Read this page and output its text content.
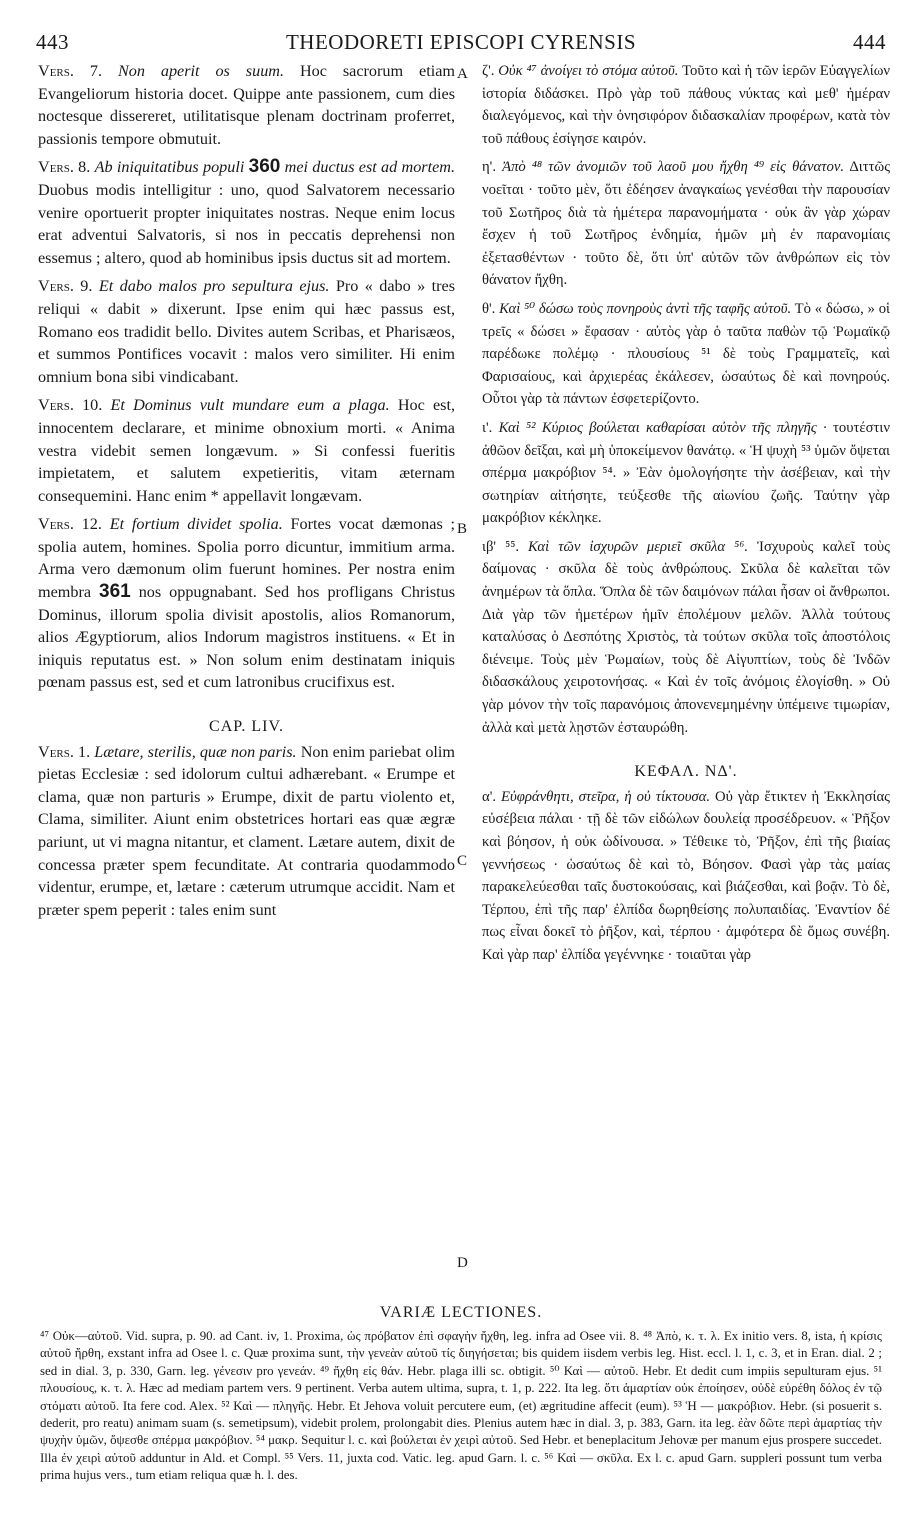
443	THEODORETI EPISCOPI CYRENSIS	444
A
B
C
D

Vers. 7. Non aperit os suum. Hoc sacrorum etiam Evangeliorum historia docet. Quippe ante passionem, cum dies noctesque dissereret, utilitatisque plenam doctrinam proferret, passionis tempore obmutuit.

Vers. 8. Ab iniquitatibus populi 360 mei ductus est ad mortem. Duobus modis intelligitur : uno, quod Salvatorem necessario venire oportuerit propter iniquitates nostras. Neque enim locus erat adventui Salvatoris, si nos in peccatis deprehensi non essemus ; altero, quod ab hominibus ipsis ductus sit ad mortem.

Vers. 9. Et dabo malos pro sepultura ejus. Pro « dabo » tres reliqui « dabit » dixerunt. Ipse enim qui hæc passus est, Romano eos tradidit bello. Divites autem Scribas, et Pharisæos, et summos Pontifices vocavit : malos vero similiter. Hi enim omnium bona sibi vindicabant.

Vers. 10. Et Dominus vult mundare eum a plaga. Hoc est, innocentem declarare, et minime obnoxium morti. « Anima vestra videbit semen longævum. » Si confessi fueritis impietatem, et salutem expetieritis, vitam æternam consequemini. Hanc enim * appellavit longævam.

Vers. 12. Et fortium dividet spolia. Fortes vocat dæmonas ; spolia autem, homines. Spolia porro dicuntur, immitium arma. Arma vero dæmonum olim fuerunt homines. Per nostra enim membra 361 nos oppugnabant. Sed hos profligans Christus Dominus, illorum spolia divisit apostolis, alios Romanorum, alios Ægyptiorum, alios Indorum magistros instituens. « Et in iniquis reputatus est. » Non solum enim destinatam iniquis pœnam passus est, sed et cum latronibus crucifixus est.

CAP. LIV.

Vers. 1. Lætare, sterilis, quæ non paris. Non enim pariebat olim pietas Ecclesiæ : sed idolorum cultui adhærebant. « Erumpe et clama, quæ non parturis » Erumpe, dixit de partu violento et, Clama, similiter. Aiunt enim obstetrices hortari eas quæ ægræ pariunt, ut vi magna nitantur, et clament. Lætare autem, dixit de concessa præter spem fecunditate. At contraria quodammodo videntur, erumpe, et, lætare : cæterum utrumque accidit. Nam et præter spem peperit : tales enim sunt

ζ'. Οὐκ ⁴⁷ ἀνοίγει τὸ στόμα αὐτοῦ. Τοῦτο καὶ ἡ τῶν ἱερῶν Εὐαγγελίων ἱστορία διδάσκει. Πρὸ γὰρ τοῦ πάθους νύκτας καὶ μεθ' ἡμέραν διαλεγόμενος, καὶ τὴν ὀνησιφόρον διδασκαλίαν προφέρων, κατὰ τὸν τοῦ πάθους ἐσίγησε καιρόν.

η'. Ἀπὸ ⁴⁸ τῶν ἀνομιῶν τοῦ λαοῦ μου ἤχθη ⁴⁹ εἰς θάνατον. Διττῶς νοεῖται · τοῦτο μὲν, ὅτι ἐδέησεν ἀναγκαίως γενέσθαι τὴν παρουσίαν τοῦ Σωτῆρος διὰ τὰ ἡμέτερα παρανομήματα · οὐκ ἂν γὰρ χώραν ἔσχεν ἡ τοῦ Σωτῆρος ἐνδημία, ἡμῶν μὴ ἐν παρανομίαις ἐξετασθέντων · τοῦτο δὲ, ὅτι ὑπ' αὐτῶν τῶν ἀνθρώπων εἰς τὸν θάνατον ἤχθη.

θ'. Καὶ ⁵⁰ δώσω τοὺς πονηροὺς ἀντὶ τῆς ταφῆς αὐτοῦ. Τὸ « δώσω, » οἱ τρεῖς « δώσει » ἔφασαν · αὐτὸς γὰρ ὁ ταῦτα παθὼν τῷ Ῥωμαϊκῷ παρέδωκε πολέμῳ · πλουσίους ⁵¹ δὲ τοὺς Γραμματεῖς, καὶ Φαρισαίους, καὶ ἀρχιερέας ἐκάλεσεν, ὡσαύτως δὲ καὶ πονηρούς. Οὗτοι γὰρ τὰ πάντων ἐσφετερίζοντο.

ι'. Καὶ ⁵² Κύριος βούλεται καθαρίσαι αὐτὸν τῆς πληγῆς · τουτέστιν ἀθῶον δεῖξαι, καὶ μὴ ὑποκείμενον θανάτῳ. « Ἡ ψυχὴ ⁵³ ὑμῶν ὄψεται σπέρμα μακρόβιον ⁵⁴. » Ἐὰν ὁμολογήσητε τὴν ἀσέβειαν, καὶ τὴν σωτηρίαν αἰτήσητε, τεύξεσθε τῆς αἰωνίου ζωῆς. Ταύτην γὰρ μακρόβιον κέκληκε.

ιβ' ⁵⁵. Καὶ τῶν ἰσχυρῶν μεριεῖ σκῦλα ⁵⁶. Ἰσχυροὺς καλεῖ τοὺς δαίμονας · σκῦλα δὲ τοὺς ἀνθρώπους. Σκῦλα δὲ καλεῖται τῶν ἀνημέρων τὰ ὅπλα. Ὅπλα δὲ τῶν δαιμόνων πάλαι ἦσαν οἱ ἄνθρωποι. Διὰ γὰρ τῶν ἡμετέρων ἡμῖν ἐπολέμουν μελῶν. Ἀλλὰ τούτους καταλύσας ὁ Δεσπότης Χριστὸς, τὰ τούτων σκῦλα τοῖς ἀποστόλοις διένειμε. Τοὺς μὲν Ῥωμαίων, τοὺς δὲ Αἰγυπτίων, τοὺς δὲ Ἰνδῶν διδασκάλους χειροτονήσας. « Καὶ ἐν τοῖς ἀνόμοις ἐλογίσθη. » Οὐ γὰρ μόνον τὴν τοῖς παρανόμοις ἀπονενεμημένην ὑπέμεινε τιμωρίαν, ἀλλὰ καὶ μετὰ λῃστῶν ἐσταυρώθη.

ΚΕΦΑΛ. ΝΔ'.

α'. Εὐφράνθητι, στεῖρα, ἡ οὐ τίκτουσα. Οὐ γὰρ ἔτικτεν ἡ Ἐκκλησίας εὐσέβεια πάλαι · τῇ δὲ τῶν εἰδώλων δουλείᾳ προσέδρευον. « Ῥῆξον καὶ βόησον, ἡ οὐκ ὠδίνουσα. » Τέθεικε τὸ, Ῥῆξον, ἐπὶ τῆς βιαίας γεννήσεως · ὡσαύτως δὲ καὶ τὸ, Βόησον. Φασὶ γὰρ τὰς μαίας παρακελεύεσθαι ταῖς δυστοκούσαις, καὶ βιάζεσθαι, καὶ βοᾷν. Τὸ δὲ, Τέρπου, ἐπὶ τῆς παρ' ἐλπίδα δωρηθείσης πολυπαιδίας. Ἐναντίον δέ πως εἶναι δοκεῖ τὸ ῥῆξον, καὶ, τέρπου · ἀμφότερα δὲ ὅμως συνέβη. Καὶ γὰρ παρ' ἐλπίδα γεγέννηκε · τοιαῦται γὰρ

VARIÆ LECTIONES.

⁴⁷ Οὐκ—αὐτοῦ. Vid. supra, p. 90. ad Cant. iv, 1. Proxima, ὡς πρόβατον ἐπὶ σφαγὴν ἤχθη, leg. infra ad Osee vii. 8. ⁴⁸ Ἀπὸ, κ. τ. λ. Ex initio vers. 8, ista, ἡ κρίσις αὐτοῦ ἤρθη, exstant infra ad Osee l. c. Quæ proxima sunt, τὴν γενεὰν αὐτοῦ τίς διηγήσεται; bis quidem iisdem verbis leg. Hist. eccl. l. 1, c. 3, et in Eran. dial. 2 ; sed in dial. 3, p. 330, Garn. leg. γένεσιν pro γενεάν. ⁴⁹ ἤχθη εἰς θάν. Hebr. plaga illi sc. obtigit. ⁵⁰ Καὶ — αὐτοῦ. Hebr. Et dedit cum impiis sepulturam ejus. ⁵¹ πλουσίους, κ. τ. λ. Hæc ad mediam partem vers. 9 pertinent. Verba autem ultima, supra, t. 1, p. 222. Ita leg. ὅτι ἁμαρτίαν οὐκ ἐποίησεν, οὐδὲ εὑρέθη δόλος ἐν τῷ στόματι αὐτοῦ. Ita fere cod. Alex. ⁵² Καὶ — πληγῆς. Hebr. Et Jehova voluit percutere eum, (et) ægritudine affecit (eum). ⁵³ Ἡ — μακρόβιον. Hebr. (si posuerit s. dederit, pro reatu) animam suam (s. semetipsum), videbit prolem, prolongabit dies. Plenius autem hæc in dial. 3, p. 383, Garn. ita leg. ἐὰν δῶτε περὶ ἁμαρτίας τὴν ψυχὴν ὑμῶν, ὄψεσθε σπέρμα μακρόβιον. ⁵⁴ μακρ. Sequitur l. c. καὶ βούλεται ἐν χειρὶ αὐτοῦ. Sed Hebr. et beneplacitum Jehovæ per manum ejus prospere succedet. Illa ἐν χειρὶ αὐτοῦ adduntur in Ald. et Compl. ⁵⁵ Vers. 11, juxta cod. Vatic. leg. apud Garn. l. c. ⁵⁶ Καὶ — σκῦλα. Ex l. c. apud Garn. suppleri possunt tum verba prima hujus vers., tum etiam reliqua quæ h. l. des.
